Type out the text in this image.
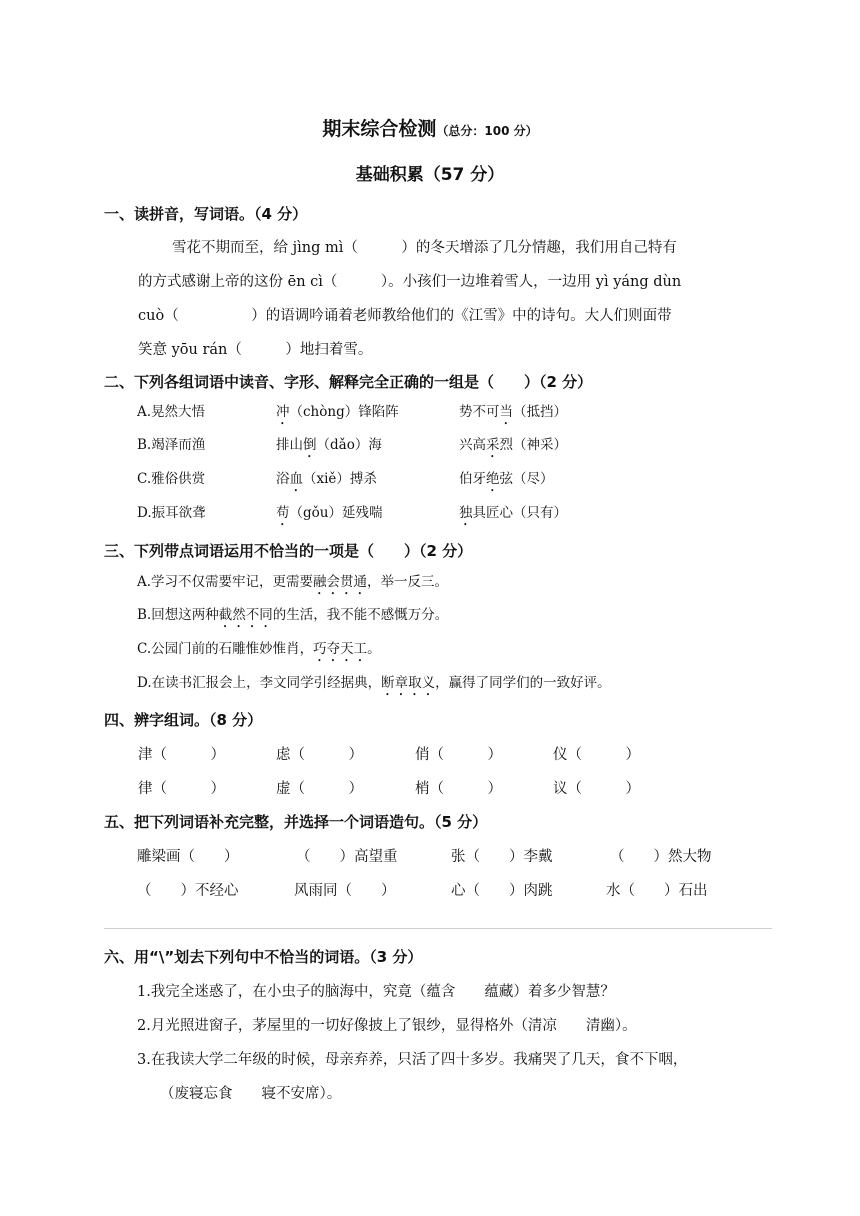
期末综合检测（总分：100 分）
基础积累（57 分）
一、读拼音，写词语。（4 分）
雪花不期而至，给 jìng mì（　　　）的冬天增添了几分情趣，我们用自己特有
的方式感谢上帝的这份 ēn cì（　　　）。小孩们一边堆着雪人，一边用 yì yáng dùn
cuò（　　　　　）的语调吟诵着老师教给他们的《江雪》中的诗句。大人们则面带
笑意 yōu rán（　　　）地扫着雪。
二、下列各组词语中读音、字形、解释完全正确的一组是（　　）（2 分）
A.晃然大悟	冲（chòng）锋陷阵	势不可当（抵挡）
B.竭泽而渔	排山倒（dǎo）海	兴高采烈（神采）
C.雅俗供赏	浴血（xiě）搏杀	伯牙绝弦（尽）
D.振耳欲聋	苟（gǒu）延残喘	独具匠心（只有）
三、下列带点词语运用不恰当的一项是（　　）（2 分）
A.学习不仅需要牢记，更需要融会贯通，举一反三。
B.回想这两种截然不同的生活，我不能不感慨万分。
C.公园门前的石雕惟妙惟肖，巧夺天工。
D.在读书汇报会上，李文同学引经据典，断章取义，赢得了同学们的一致好评。
四、辨字组词。（8 分）
津（　　　）	虑（　　　）	俏（　　　）	仪（　　　）
律（　　　）	虚（　　　）	梢（　　　）	议（　　　）
五、把下列词语补充完整，并选择一个词语造句。（5 分）
雕梁画（　　）	（　　）高望重	张（　　）李戴	（　　）然大物
（　　）不经心	风雨同（　　）	心（　　）肉跳	水（　　）石出
六、用“\”划去下列句中不恰当的词语。（3 分）
1.我完全迷惑了，在小虫子的脑海中，究竟（蕴含　　蕴藏）着多少智慧？
2.月光照进窗子，茅屋里的一切好像披上了银纱，显得格外（清凉　　清幽）。
3.在我读大学二年级的时候，母亲弃养，只活了四十多岁。我痛哭了几天，食不下咽，
（废寝忘食　　寝不安席）。
